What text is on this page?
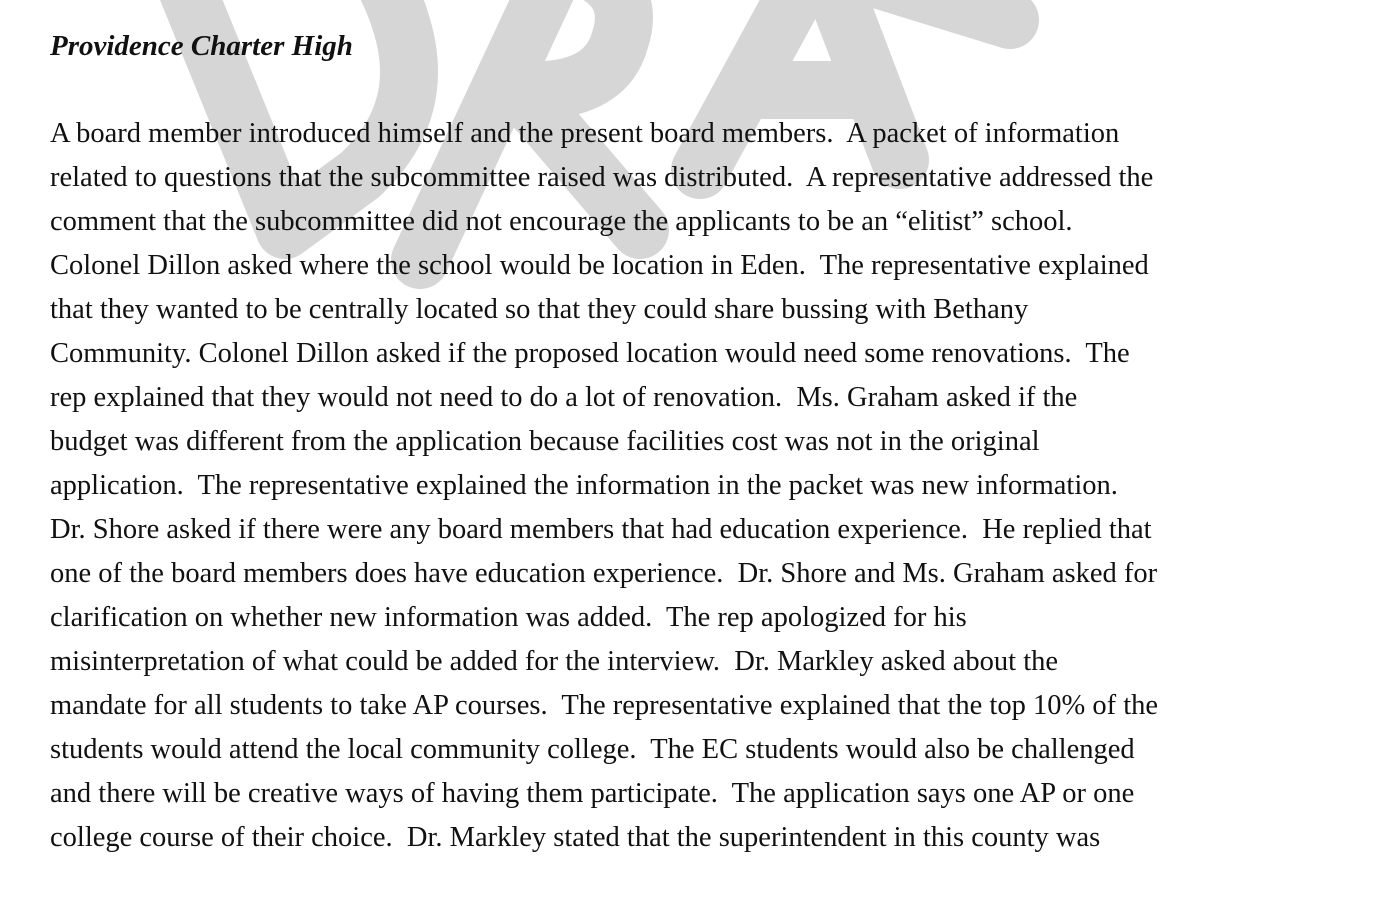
Providence Charter High
A board member introduced himself and the present board members.  A packet of information
related to questions that the subcommittee raised was distributed.  A representative addressed the
comment that the subcommittee did not encourage the applicants to be an “elitist” school.
Colonel Dillon asked where the school would be location in Eden.  The representative explained
that they wanted to be centrally located so that they could share bussing with Bethany
Community. Colonel Dillon asked if the proposed location would need some renovations.  The
rep explained that they would not need to do a lot of renovation.  Ms. Graham asked if the
budget was different from the application because facilities cost was not in the original
application.  The representative explained the information in the packet was new information.
Dr. Shore asked if there were any board members that had education experience.  He replied that
one of the board members does have education experience.  Dr. Shore and Ms. Graham asked for
clarification on whether new information was added.  The rep apologized for his
misinterpretation of what could be added for the interview.  Dr. Markley asked about the
mandate for all students to take AP courses.  The representative explained that the top 10% of the
students would attend the local community college.  The EC students would also be challenged
and there will be creative ways of having them participate.  The application says one AP or one
college course of their choice.  Dr. Markley stated that the superintendent in this county was
